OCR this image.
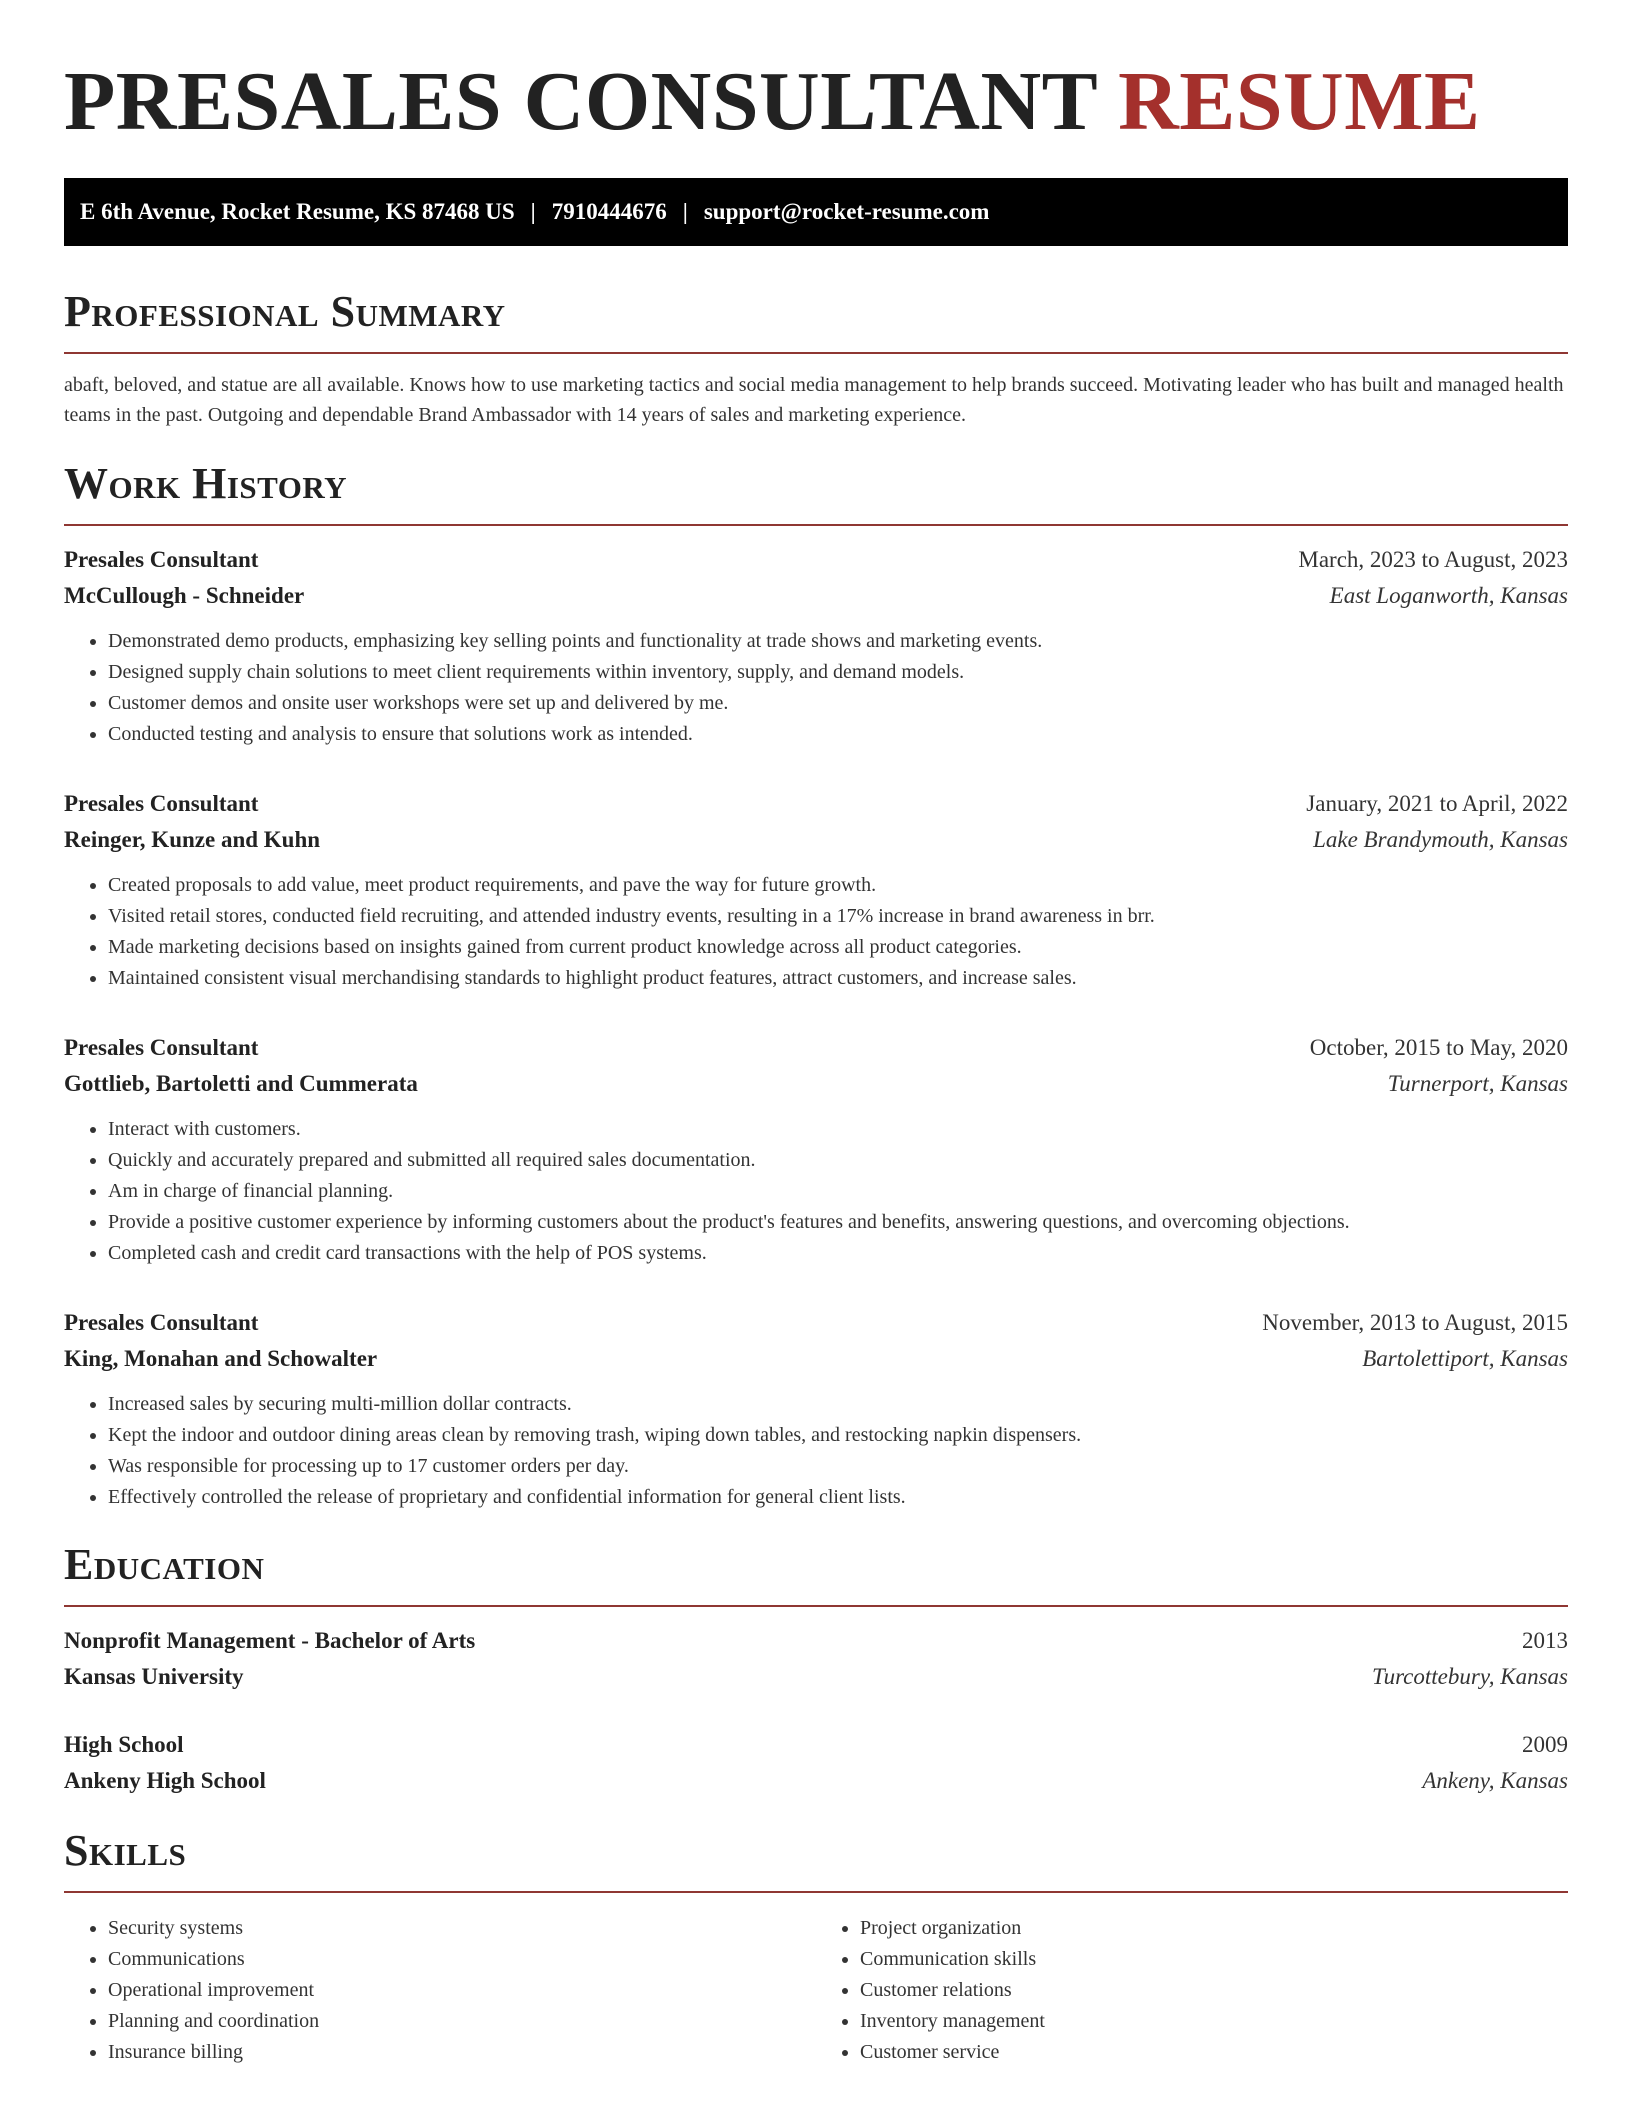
PRESALES CONSULTANT RESUME
E 6th Avenue, Rocket Resume, KS 87468 US | 7910444676 | support@rocket-resume.com
Professional Summary

abaft, beloved, and statue are all available. Knows how to use marketing tactics and social media management to help brands succeed. Motivating leader who has built and managed health teams in the past. Outgoing and dependable Brand Ambassador with 14 years of sales and marketing experience.

Work History
Presales Consultant	March, 2023 to August, 2023
McCullough - Schneider	East Loganworth, Kansas
• Demonstrated demo products, emphasizing key selling points and functionality at trade shows and marketing events.
• Designed supply chain solutions to meet client requirements within inventory, supply, and demand models.
• Customer demos and onsite user workshops were set up and delivered by me.
• Conducted testing and analysis to ensure that solutions work as intended.
Presales Consultant	January, 2021 to April, 2022
Reinger, Kunze and Kuhn	Lake Brandymouth, Kansas
• Created proposals to add value, meet product requirements, and pave the way for future growth.
• Visited retail stores, conducted field recruiting, and attended industry events, resulting in a 17% increase in brand awareness in brr.
• Made marketing decisions based on insights gained from current product knowledge across all product categories.
• Maintained consistent visual merchandising standards to highlight product features, attract customers, and increase sales.
Presales Consultant	October, 2015 to May, 2020
Gottlieb, Bartoletti and Cummerata	Turnerport, Kansas
• Interact with customers.
• Quickly and accurately prepared and submitted all required sales documentation.
• Am in charge of financial planning.
• Provide a positive customer experience by informing customers about the product's features and benefits, answering questions, and overcoming objections.
• Completed cash and credit card transactions with the help of POS systems.
Presales Consultant	November, 2013 to August, 2015
King, Monahan and Schowalter	Bartolettiport, Kansas
• Increased sales by securing multi-million dollar contracts.
• Kept the indoor and outdoor dining areas clean by removing trash, wiping down tables, and restocking napkin dispensers.
• Was responsible for processing up to 17 customer orders per day.
• Effectively controlled the release of proprietary and confidential information for general client lists.
Education
Nonprofit Management - Bachelor of Arts	2013
Kansas University	Turcottebury, Kansas
High School	2009
Ankeny High School	Ankeny, Kansas
Skills
• Security systems
• Communications
• Operational improvement
• Planning and coordination
• Insurance billing
• Project organization
• Communication skills
• Customer relations
• Inventory management
• Customer service
